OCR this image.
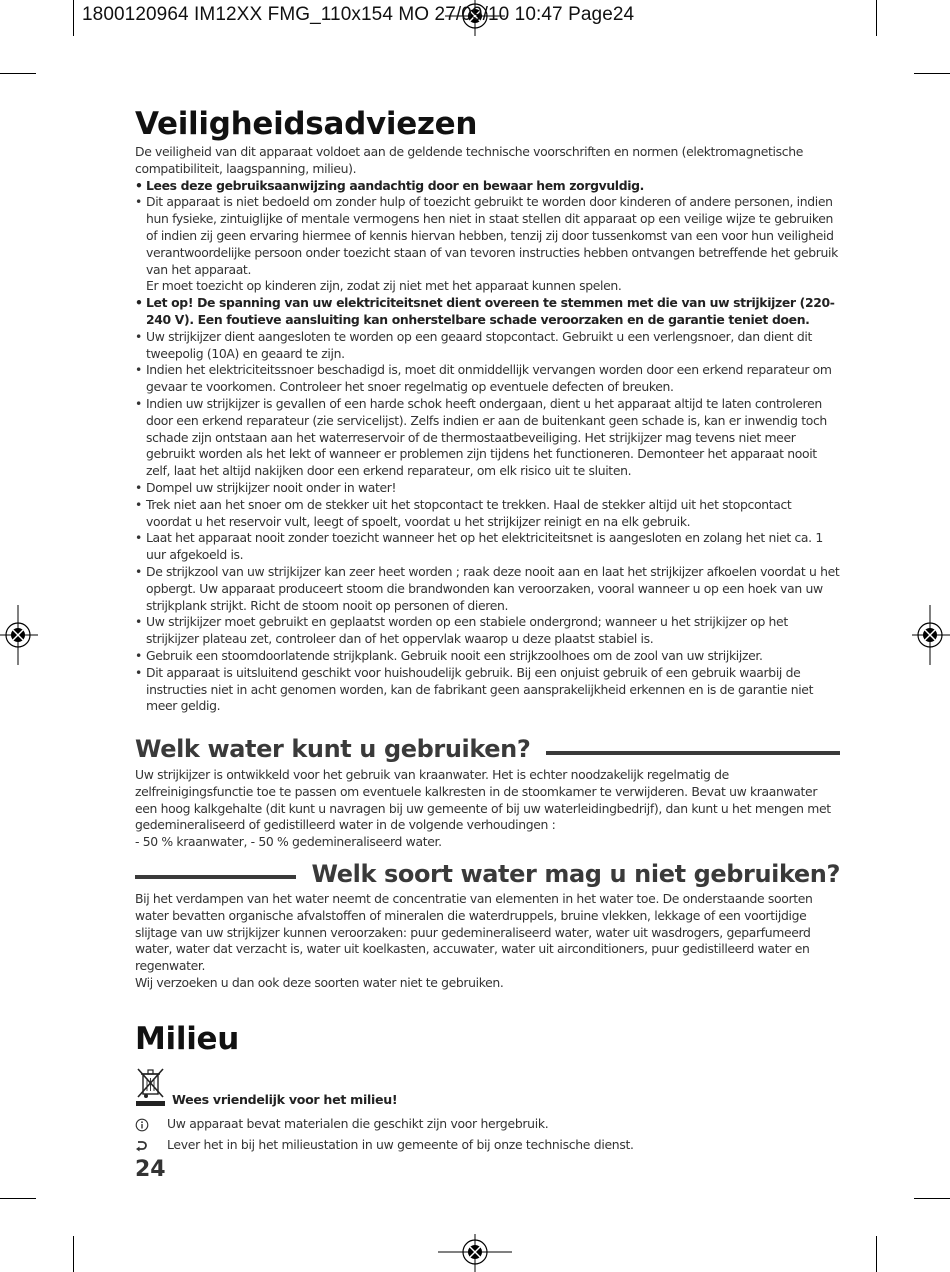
1800120964 IM12XX FMG_110x154 MO 27/09/10 10:47 Page24
Veiligheidsadviezen

De veiligheid van dit apparaat voldoet aan de geldende technische voorschriften en normen (elektromagnetische compatibiliteit, laagspanning, milieu).

• Lees deze gebruiksaanwijzing aandachtig door en bewaar hem zorgvuldig.
• Dit apparaat is niet bedoeld om zonder hulp of toezicht gebruikt te worden door kinderen of andere personen, indien hun fysieke, zintuiglijke of mentale vermogens hen niet in staat stellen dit apparaat op een veilige wijze te gebruiken of indien zij geen ervaring hiermee of kennis hiervan hebben, tenzij zij door tussenkomst van een voor hun veiligheid verantwoordelijke persoon onder toezicht staan of van tevoren instructies hebben ontvangen betreffende het gebruik van het apparaat.
Er moet toezicht op kinderen zijn, zodat zij niet met het apparaat kunnen spelen.
• Let op! De spanning van uw elektriciteitsnet dient overeen te stemmen met die van uw strijkijzer (220-240 V). Een foutieve aansluiting kan onherstelbare schade veroorzaken en de garantie teniet doen.
• Uw strijkijzer dient aangesloten te worden op een geaard stopcontact. Gebruikt u een verlengsnoer, dan dient dit tweepolig (10A) en geaard te zijn.
• Indien het elektriciteitssnoer beschadigd is, moet dit onmiddellijk vervangen worden door een erkend reparateur om gevaar te voorkomen. Controleer het snoer regelmatig op eventuele defecten of breuken.
• Indien uw strijkijzer is gevallen of een harde schok heeft ondergaan, dient u het apparaat altijd te laten controleren door een erkend reparateur (zie servicelijst). Zelfs indien er aan de buitenkant geen schade is, kan er inwendig toch schade zijn ontstaan aan het waterreservoir of de thermostaatbeveiliging. Het strijkijzer mag tevens niet meer gebruikt worden als het lekt of wanneer er problemen zijn tijdens het functioneren. Demonteer het apparaat nooit zelf, laat het altijd nakijken door een erkend reparateur, om elk risico uit te sluiten.
• Dompel uw strijkijzer nooit onder in water!
• Trek niet aan het snoer om de stekker uit het stopcontact te trekken. Haal de stekker altijd uit het stopcontact voordat u het reservoir vult, leegt of spoelt, voordat u het strijkijzer reinigt en na elk gebruik.
• Laat het apparaat nooit zonder toezicht wanneer het op het elektriciteitsnet is aangesloten en zolang het niet ca. 1 uur afgekoeld is.
• De strijkzool van uw strijkijzer kan zeer heet worden ; raak deze nooit aan en laat het strijkijzer afkoelen voordat u het opbergt. Uw apparaat produceert stoom die brandwonden kan veroorzaken, vooral wanneer u op een hoek van uw strijkplank strijkt. Richt de stoom nooit op personen of dieren.
• Uw strijkijzer moet gebruikt en geplaatst worden op een stabiele ondergrond; wanneer u het strijkijzer op het strijkijzer plateau zet, controleer dan of het oppervlak waarop u deze plaatst stabiel is.
• Gebruik een stoomdoorlatende strijkplank. Gebruik nooit een strijkzoolhoes om de zool van uw strijkijzer.
• Dit apparaat is uitsluitend geschikt voor huishoudelijk gebruik. Bij een onjuist gebruik of een gebruik waarbij de instructies niet in acht genomen worden, kan de fabrikant geen aansprakelijkheid erkennen en is de garantie niet meer geldig.
Welk water kunt u gebruiken?

Uw strijkijzer is ontwikkeld voor het gebruik van kraanwater. Het is echter noodzakelijk regelmatig de zelfreinigingsfunctie toe te passen om eventuele kalkresten in de stoomkamer te verwijderen. Bevat uw kraanwater een hoog kalkgehalte (dit kunt u navragen bij uw gemeente of bij uw waterleidingbedrijf), dan kunt u het mengen met gedemineraliseerd of gedistilleerd water in de volgende verhoudingen :

- 50 % kraanwater, - 50 % gedemineraliseerd water.

Welk soort water mag u niet gebruiken?

Bij het verdampen van het water neemt de concentratie van elementen in het water toe. De onderstaande soorten water bevatten organische afvalstoffen of mineralen die waterdruppels, bruine vlekken, lekkage of een voortijdige slijtage van uw strijkijzer kunnen veroorzaken: puur gedemineraliseerd water, water uit wasdrogers, geparfumeerd water, water dat verzacht is, water uit koelkasten, accuwater, water uit airconditioners, puur gedistilleerd water en regenwater.

Wij verzoeken u dan ook deze soorten water niet te gebruiken.

Milieu
Wees vriendelijk voor het milieu!
Uw apparaat bevat materialen die geschikt zijn voor hergebruik.
Lever het in bij het milieustation in uw gemeente of bij onze technische dienst.
24
